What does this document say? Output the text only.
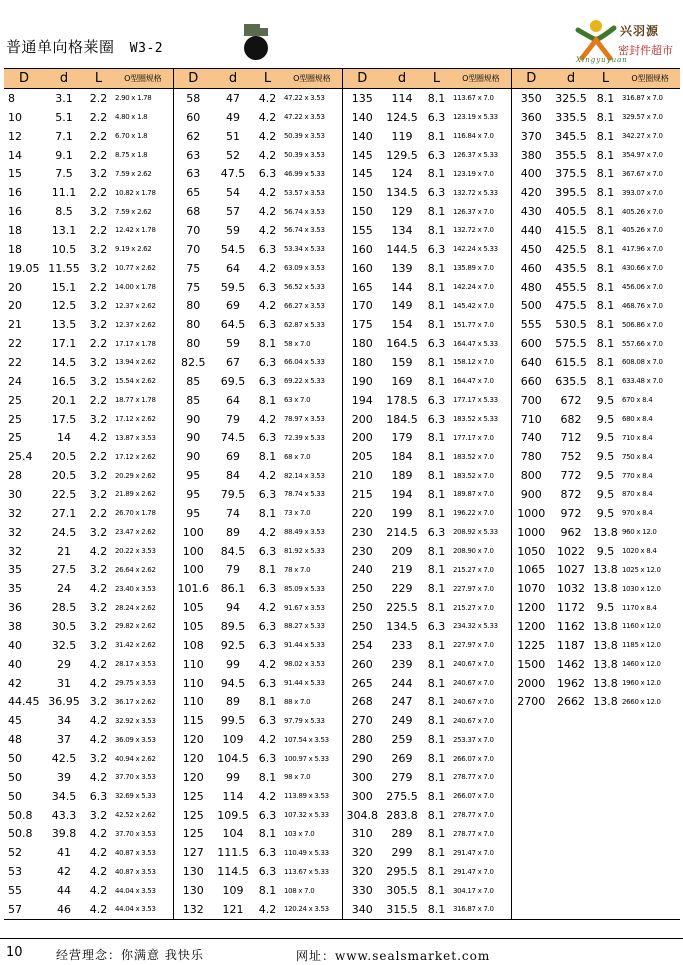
普通单向格莱圈 W3-2
兴羽源
密封件超市
Xingyuyuan
D	d	L	O型圈规格	D	d	L	O型圈规格	D	d	L	O型圈规格	D	d	L	O型圈规格
8	3.1	2.2	2.90 x 1.78	58	47	4.2	47.22 x 3.53	135	114	8.1	113.67 x 7.0	350	325.5	8.1	316.87 x 7.0
10	5.1	2.2	4.80 x 1.8	60	49	4.2	47.22 x 3.53	140	124.5	6.3	123.19 x 5.33	360	335.5	8.1	329.57 x 7.0
12	7.1	2.2	6.70 x 1.8	62	51	4.2	50.39 x 3.53	140	119	8.1	116.84 x 7.0	370	345.5	8.1	342.27 x 7.0
14	9.1	2.2	8.75 x 1.8	63	52	4.2	50.39 x 3.53	145	129.5	6.3	126.37 x 5.33	380	355.5	8.1	354.97 x 7.0
15	7.5	3.2	7.59 x 2.62	63	47.5	6.3	46.99 x 5.33	145	124	8.1	123.19 x 7.0	400	375.5	8.1	367.67 x 7.0
16	11.1	2.2	10.82 x 1.78	65	54	4.2	53.57 x 3.53	150	134.5	6.3	132.72 x 5.33	420	395.5	8.1	393.07 x 7.0
16	8.5	3.2	7.59 x 2.62	68	57	4.2	56.74 x 3.53	150	129	8.1	126.37 x 7.0	430	405.5	8.1	405.26 x 7.0
18	13.1	2.2	12.42 x 1.78	70	59	4.2	56.74 x 3.53	155	134	8.1	132.72 x 7.0	440	415.5	8.1	405.26 x 7.0
18	10.5	3.2	9.19 x 2.62	70	54.5	6.3	53.34 x 5.33	160	144.5	6.3	142.24 x 5.33	450	425.5	8.1	417.96 x 7.0
19.05	11.55	3.2	10.77 x 2.62	75	64	4.2	63.09 x 3.53	160	139	8.1	135.89 x 7.0	460	435.5	8.1	430.66 x 7.0
20	15.1	2.2	14.00 x 1.78	75	59.5	6.3	56.52 x 5.33	165	144	8.1	142.24 x 7.0	480	455.5	8.1	456.06 x 7.0
20	12.5	3.2	12.37 x 2.62	80	69	4.2	66.27 x 3.53	170	149	8.1	145.42 x 7.0	500	475.5	8.1	468.76 x 7.0
21	13.5	3.2	12.37 x 2.62	80	64.5	6.3	62.87 x 5.33	175	154	8.1	151.77 x 7.0	555	530.5	8.1	506.86 x 7.0
22	17.1	2.2	17.17 x 1.78	80	59	8.1	58 x 7.0	180	164.5	6.3	164.47 x 5.33	600	575.5	8.1	557.66 x 7.0
22	14.5	3.2	13.94 x 2.62	82.5	67	6.3	66.04 x 5.33	180	159	8.1	158.12 x 7.0	640	615.5	8.1	608.08 x 7.0
24	16.5	3.2	15.54 x 2.62	85	69.5	6.3	69.22 x 5.33	190	169	8.1	164.47 x 7.0	660	635.5	8.1	633.48 x 7.0
25	20.1	2.2	18.77 x 1.78	85	64	8.1	63 x 7.0	194	178.5	6.3	177.17 x 5.33	700	672	9.5	670 x 8.4
25	17.5	3.2	17.12 x 2.62	90	79	4.2	78.97 x 3.53	200	184.5	6.3	183.52 x 5.33	710	682	9.5	680 x 8.4
25	14	4.2	13.87 x 3.53	90	74.5	6.3	72.39 x 5.33	200	179	8.1	177.17 x 7.0	740	712	9.5	710 x 8.4
25.4	20.5	2.2	17.12 x 2.62	90	69	8.1	68 x 7.0	205	184	8.1	183.52 x 7.0	780	752	9.5	750 x 8.4
28	20.5	3.2	20.29 x 2.62	95	84	4.2	82.14 x 3.53	210	189	8.1	183.52 x 7.0	800	772	9.5	770 x 8.4
30	22.5	3.2	21.89 x 2.62	95	79.5	6.3	78.74 x 5.33	215	194	8.1	189.87 x 7.0	900	872	9.5	870 x 8.4
32	27.1	2.2	26.70 x 1.78	95	74	8.1	73 x 7.0	220	199	8.1	196.22 x 7.0	1000	972	9.5	970 x 8.4
32	24.5	3.2	23.47 x 2.62	100	89	4.2	88.49 x 3.53	230	214.5	6.3	208.92 x 5.33	1000	962	13.8	960 x 12.0
32	21	4.2	20.22 x 3.53	100	84.5	6.3	81.92 x 5.33	230	209	8.1	208.90 x 7.0	1050	1022	9.5	1020 x 8.4
35	27.5	3.2	26.64 x 2.62	100	79	8.1	78 x 7.0	240	219	8.1	215.27 x 7.0	1065	1027	13.8	1025 x 12.0
35	24	4.2	23.40 x 3.53	101.6	86.1	6.3	85.09 x 5.33	250	229	8.1	227.97 x 7.0	1070	1032	13.8	1030 x 12.0
36	28.5	3.2	28.24 x 2.62	105	94	4.2	91.67 x 3.53	250	225.5	8.1	215.27 x 7.0	1200	1172	9.5	1170 x 8.4
38	30.5	3.2	29.82 x 2.62	105	89.5	6.3	88.27 x 5.33	250	134.5	6.3	234.32 x 5.33	1200	1162	13.8	1160 x 12.0
40	32.5	3.2	31.42 x 2.62	108	92.5	6.3	91.44 x 5.33	254	233	8.1	227.97 x 7.0	1225	1187	13.8	1185 x 12.0
40	29	4.2	28.17 x 3.53	110	99	4.2	98.02 x 3.53	260	239	8.1	240.67 x 7.0	1500	1462	13.8	1460 x 12.0
42	31	4.2	29.75 x 3.53	110	94.5	6.3	91.44 x 5.33	265	244	8.1	240.67 x 7.0	2000	1962	13.8	1960 x 12.0
44.45	36.95	3.2	36.17 x 2.62	110	89	8.1	88 x 7.0	268	247	8.1	240.67 x 7.0	2700	2662	13.8	2660 x 12.0
45	34	4.2	32.92 x 3.53	115	99.5	6.3	97.79 x 5.33	270	249	8.1	240.67 x 7.0				
48	37	4.2	36.09 x 3.53	120	109	4.2	107.54 x 3.53	280	259	8.1	253.37 x 7.0				
50	42.5	3.2	40.94 x 2.62	120	104.5	6.3	100.97 x 5.33	290	269	8.1	266.07 x 7.0				
50	39	4.2	37.70 x 3.53	120	99	8.1	98 x 7.0	300	279	8.1	278.77 x 7.0				
50	34.5	6.3	32.69 x 5.33	125	114	4.2	113.89 x 3.53	300	275.5	8.1	266.07 x 7.0				
50.8	43.3	3.2	42.52 x 2.62	125	109.5	6.3	107.32 x 5.33	304.8	283.8	8.1	278.77 x 7.0				
50.8	39.8	4.2	37.70 x 3.53	125	104	8.1	103 x 7.0	310	289	8.1	278.77 x 7.0				
52	41	4.2	40.87 x 3.53	127	111.5	6.3	110.49 x 5.33	320	299	8.1	291.47 x 7.0				
53	42	4.2	40.87 x 3.53	130	114.5	6.3	113.67 x 5.33	320	295.5	8.1	291.47 x 7.0				
55	44	4.2	44.04 x 3.53	130	109	8.1	108 x 7.0	330	305.5	8.1	304.17 x 7.0				
57	46	4.2	44.04 x 3.53	132	121	4.2	120.24 x 3.53	340	315.5	8.1	316.87 x 7.0				
10	经营理念：你满意 我快乐	网址：www.sealsmarket.com
